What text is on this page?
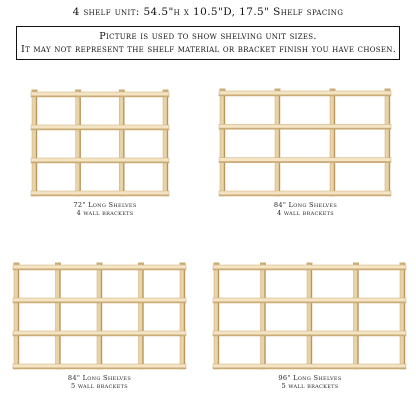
4 shelf unit: 54.5"h x 10.5"D, 17.5" Shelf spacing
Picture is used to show shelving unit sizes.
It may not represent the shelf material or bracket finish you have chosen.
72" Long Shelves
4 wall brackets
84" Long Shelves
4 wall brackets
84" Long Shelves
5 wall brackets
96" Long Shelves
5 wall brackets
